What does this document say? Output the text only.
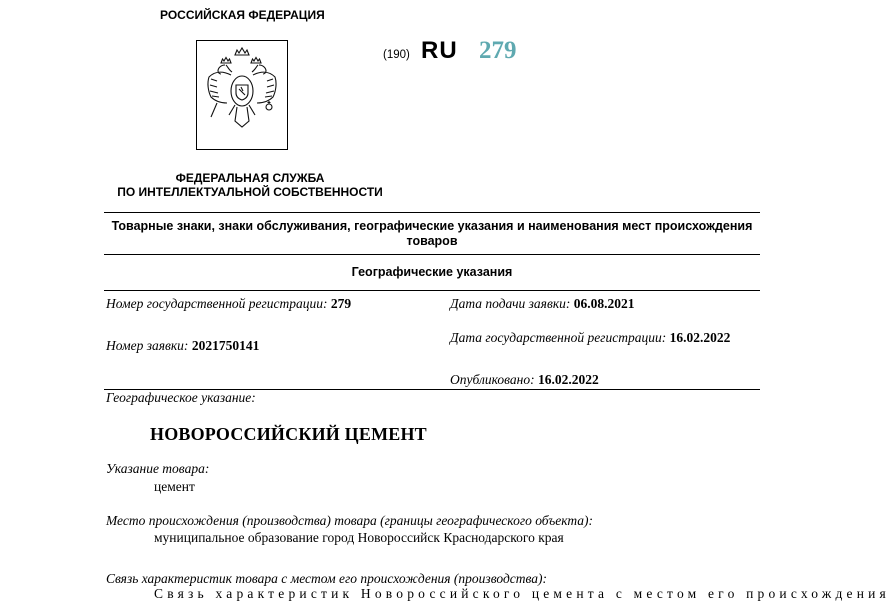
РОССИЙСКАЯ ФЕДЕРАЦИЯ
(190) RU 279
ФЕДЕРАЛЬНАЯ СЛУЖБА
ПО ИНТЕЛЛЕКТУАЛЬНОЙ СОБСТВЕННОСТИ
Товарные знаки, знаки обслуживания, географические указания и наименования мест происхождения товаров
Географические указания
Номер государственной регистрации: 279	Дата подачи заявки: 06.08.2021
Дата государственной регистрации: 16.02.2022
Номер заявки: 2021750141
Опубликовано: 16.02.2022
Географическое указание:
НОВОРОССИЙСКИЙ ЦЕМЕНТ
Указание товара:
цемент
Место происхождения (производства) товара (границы географического объекта):
муниципальное образование город Новороссийск Краснодарского края
Связь характеристик товара с местом его происхождения (производства):
Связь характеристик Новороссийского цемента с местом его происхождения
